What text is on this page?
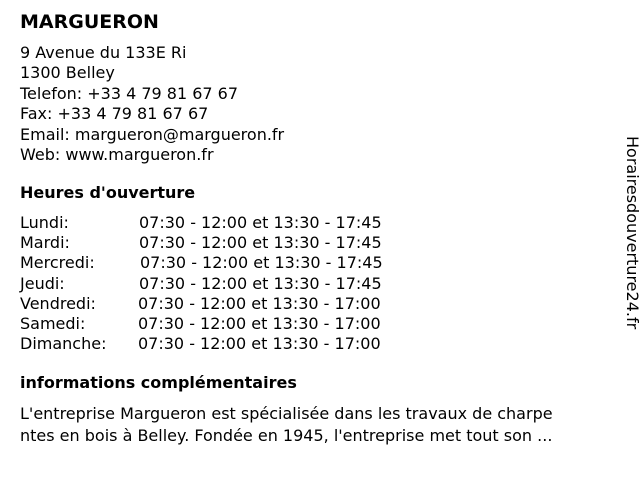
MARGUERON
9 Avenue du 133E Ri
1300 Belley
Telefon: +33 4 79 81 67 67
Fax: +33 4 79 81 67 67
Email: margueron@margueron.fr
Web: www.margueron.fr
Heures d'ouverture
Lundi:	07:30 - 12:00 et 13:30 - 17:45
Mardi:	07:30 - 12:00 et 13:30 - 17:45
Mercredi:	07:30 - 12:00 et 13:30 - 17:45
Jeudi:	07:30 - 12:00 et 13:30 - 17:45
Vendredi:	07:30 - 12:00 et 13:30 - 17:00
Samedi:	07:30 - 12:00 et 13:30 - 17:00
Dimanche: 07:30 - 12:00 et 13:30 - 17:00
informations complémentaires
L'entreprise Margueron est spécialisée dans les travaux de charpe
ntes en bois à Belley. Fondée en 1945, l'entreprise met tout son ...
Horairesdouverture24.fr
